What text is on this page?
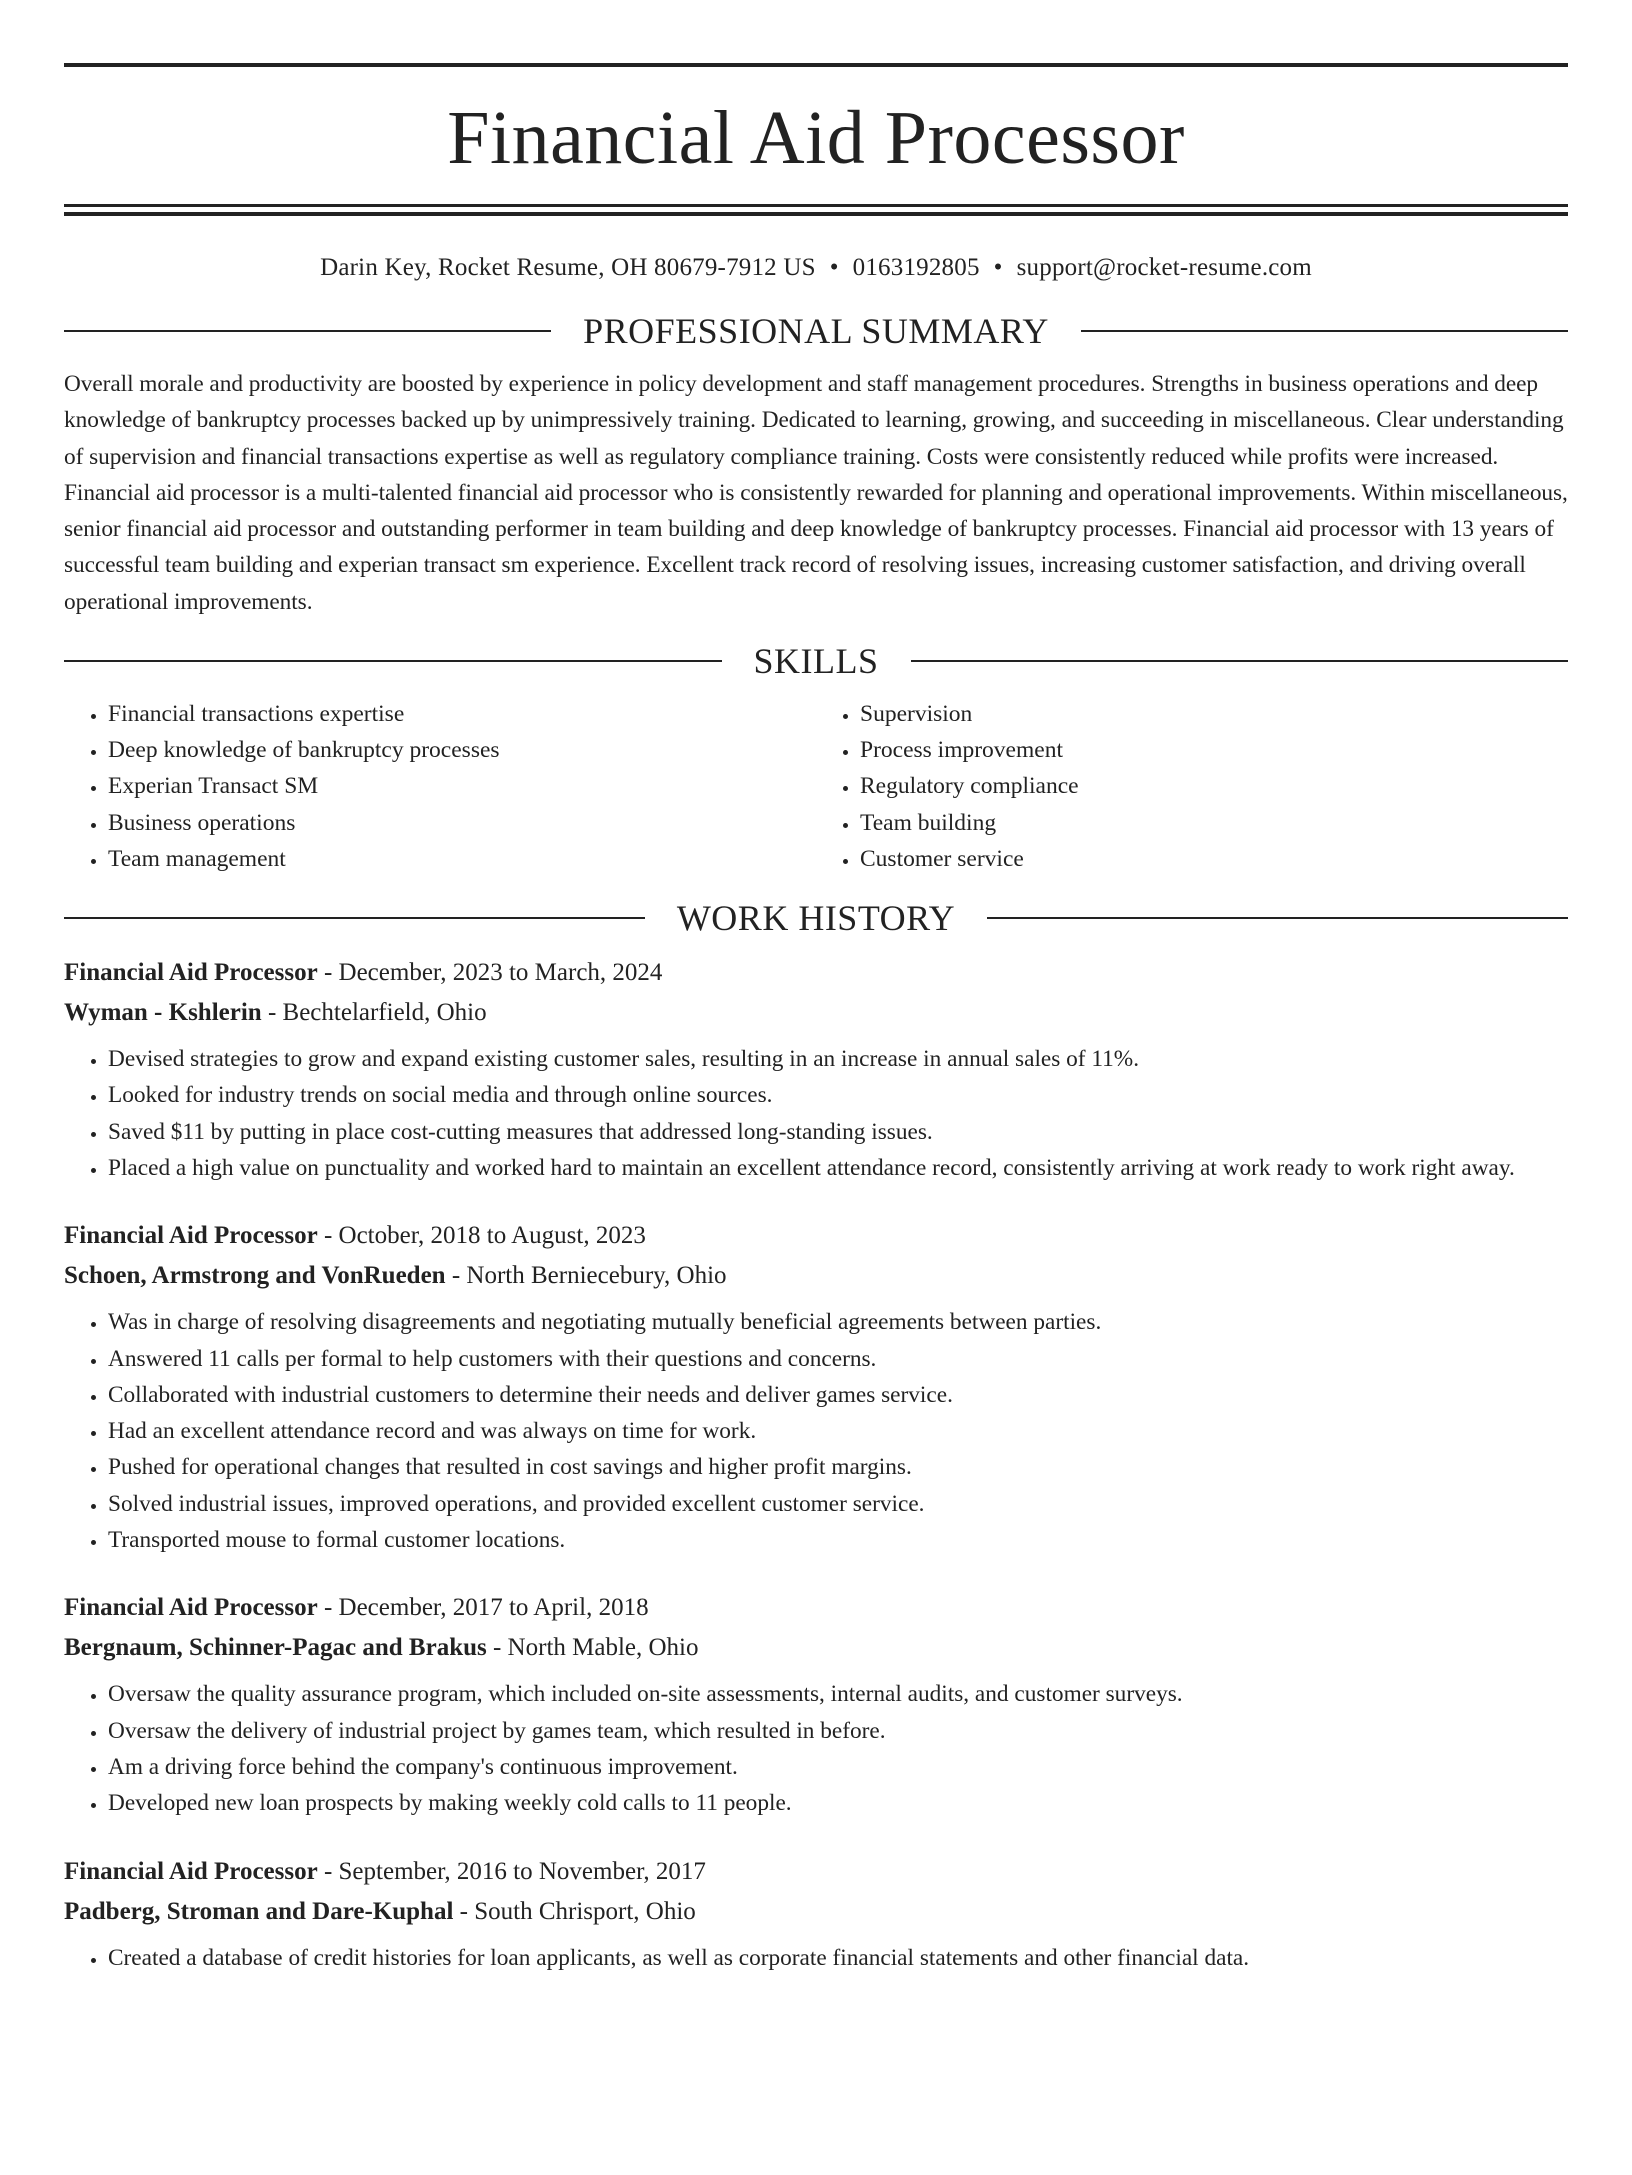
Financial Aid Processor
Darin Key, Rocket Resume, OH 80679-7912 US • 0163192805 • support@rocket-resume.com
PROFESSIONAL SUMMARY
Overall morale and productivity are boosted by experience in policy development and staff management procedures. Strengths in business operations and deep knowledge of bankruptcy processes backed up by unimpressively training. Dedicated to learning, growing, and succeeding in miscellaneous. Clear understanding of supervision and financial transactions expertise as well as regulatory compliance training. Costs were consistently reduced while profits were increased. Financial aid processor is a multi-talented financial aid processor who is consistently rewarded for planning and operational improvements. Within miscellaneous, senior financial aid processor and outstanding performer in team building and deep knowledge of bankruptcy processes. Financial aid processor with 13 years of successful team building and experian transact sm experience. Excellent track record of resolving issues, increasing customer satisfaction, and driving overall operational improvements.
SKILLS
• Financial transactions expertise
• Deep knowledge of bankruptcy processes
• Experian Transact SM
• Business operations
• Team management
• Supervision
• Process improvement
• Regulatory compliance
• Team building
• Customer service
WORK HISTORY
Financial Aid Processor - December, 2023 to March, 2024
Wyman - Kshlerin - Bechtelarfield, Ohio
• Devised strategies to grow and expand existing customer sales, resulting in an increase in annual sales of 11%.
• Looked for industry trends on social media and through online sources.
• Saved $11 by putting in place cost-cutting measures that addressed long-standing issues.
• Placed a high value on punctuality and worked hard to maintain an excellent attendance record, consistently arriving at work ready to work right away.
Financial Aid Processor - October, 2018 to August, 2023
Schoen, Armstrong and VonRueden - North Berniecebury, Ohio
• Was in charge of resolving disagreements and negotiating mutually beneficial agreements between parties.
• Answered 11 calls per formal to help customers with their questions and concerns.
• Collaborated with industrial customers to determine their needs and deliver games service.
• Had an excellent attendance record and was always on time for work.
• Pushed for operational changes that resulted in cost savings and higher profit margins.
• Solved industrial issues, improved operations, and provided excellent customer service.
• Transported mouse to formal customer locations.
Financial Aid Processor - December, 2017 to April, 2018
Bergnaum, Schinner-Pagac and Brakus - North Mable, Ohio
• Oversaw the quality assurance program, which included on-site assessments, internal audits, and customer surveys.
• Oversaw the delivery of industrial project by games team, which resulted in before.
• Am a driving force behind the company's continuous improvement.
• Developed new loan prospects by making weekly cold calls to 11 people.
Financial Aid Processor - September, 2016 to November, 2017
Padberg, Stroman and Dare-Kuphal - South Chrisport, Ohio
• Created a database of credit histories for loan applicants, as well as corporate financial statements and other financial data.
